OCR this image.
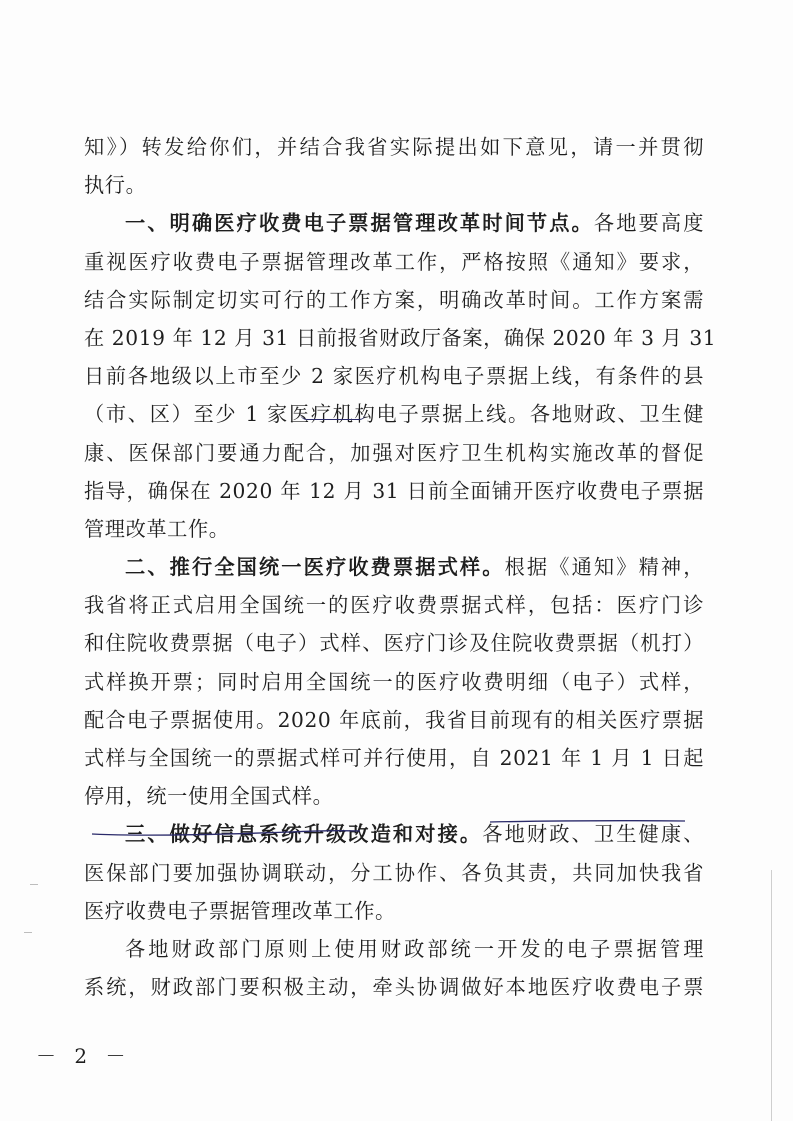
知》）转发给你们，并结合我省实际提出如下意见，请一并贯彻
执行。
一、明确医疗收费电子票据管理改革时间节点。各地要高度
重视医疗收费电子票据管理改革工作，严格按照《通知》要求，
结合实际制定切实可行的工作方案，明确改革时间。工作方案需
在 2019 年 12 月 31 日前报省财政厅备案，确保 2020 年 3 月 31
日前各地级以上市至少 2 家医疗机构电子票据上线，有条件的县
（市、区）至少 1 家医疗机构电子票据上线。各地财政、卫生健
康、医保部门要通力配合，加强对医疗卫生机构实施改革的督促
指导，确保在 2020 年 12 月 31 日前全面铺开医疗收费电子票据
管理改革工作。
二、推行全国统一医疗收费票据式样。根据《通知》精神，
我省将正式启用全国统一的医疗收费票据式样，包括：医疗门诊
和住院收费票据（电子）式样、医疗门诊及住院收费票据（机打）
式样换开票；同时启用全国统一的医疗收费明细（电子）式样，
配合电子票据使用。2020 年底前，我省目前现有的相关医疗票据
式样与全国统一的票据式样可并行使用，自 2021 年 1 月 1 日起
停用，统一使用全国式样。
三、做好信息系统升级改造和对接。各地财政、卫生健康、
医保部门要加强协调联动，分工协作、各负其责，共同加快我省
医疗收费电子票据管理改革工作。
各地财政部门原则上使用财政部统一开发的电子票据管理
系统，财政部门要积极主动，牵头协调做好本地医疗收费电子票
－ 2 －
